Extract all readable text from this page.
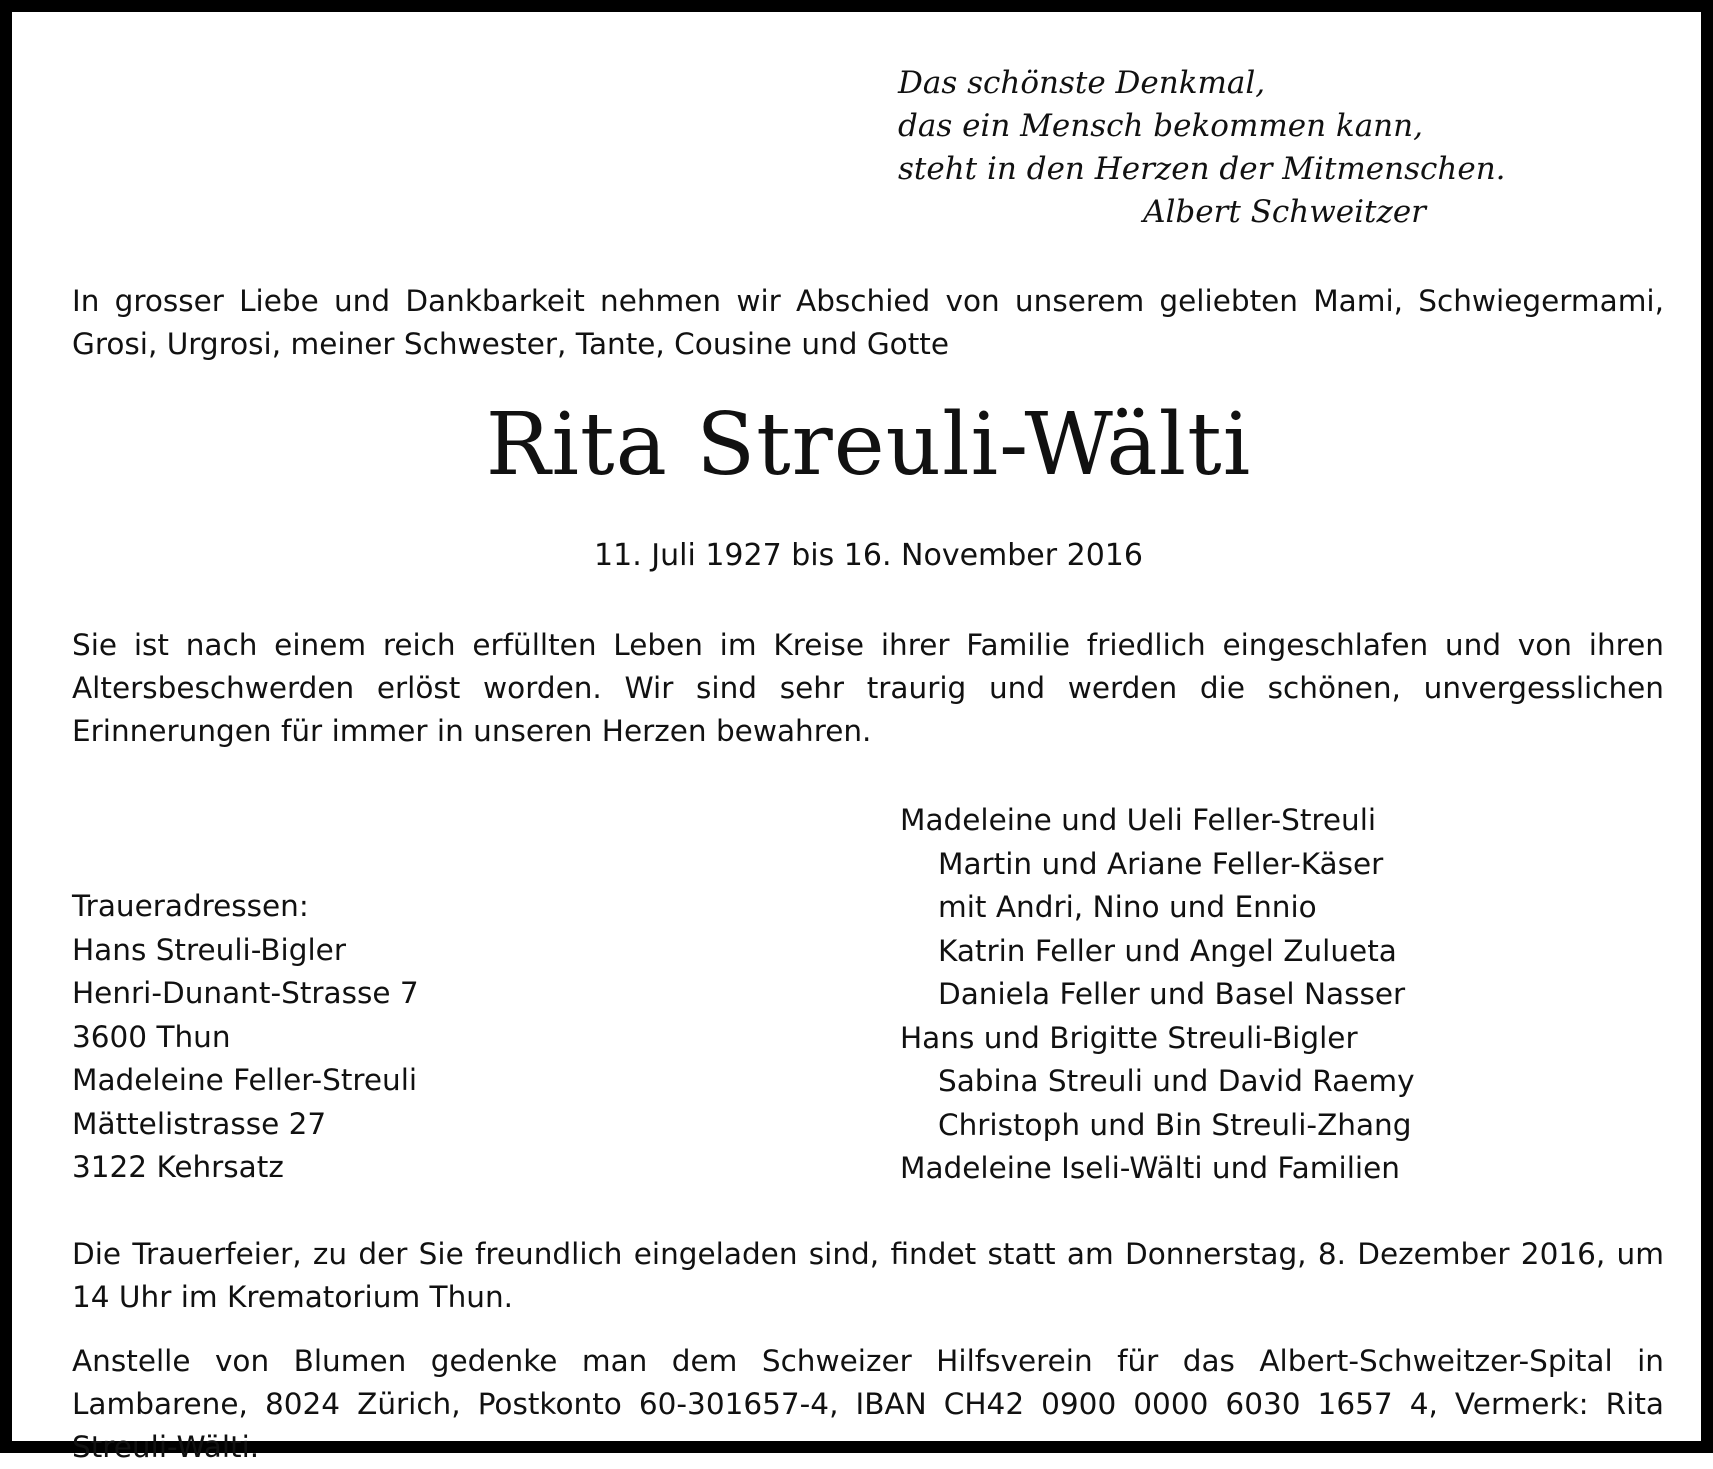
Das schönste Denkmal,
das ein Mensch bekommen kann,
steht in den Herzen der Mitmenschen.
Albert Schweitzer
In grosser Liebe und Dankbarkeit nehmen wir Abschied von unserem geliebten Mami, Schwiegermami, Grosi, Urgrosi, meiner Schwester, Tante, Cousine und Gotte
Rita Streuli-Wälti
11. Juli 1927 bis 16. November 2016
Sie ist nach einem reich erfüllten Leben im Kreise ihrer Familie friedlich eingeschlafen und von ihren Altersbeschwerden erlöst worden. Wir sind sehr traurig und werden die schönen, unvergesslichen Erinnerungen für immer in unseren Herzen bewahren.
Traueradressen:
Hans Streuli-Bigler
Henri-Dunant-Strasse 7
3600 Thun
Madeleine Feller-Streuli
Mättelistrasse 27
3122 Kehrsatz
Madeleine und Ueli Feller-Streuli
Martin und Ariane Feller-Käser
mit Andri, Nino und Ennio
Katrin Feller und Angel Zulueta
Daniela Feller und Basel Nasser
Hans und Brigitte Streuli-Bigler
Sabina Streuli und David Raemy
Christoph und Bin Streuli-Zhang
Madeleine Iseli-Wälti und Familien
Die Trauerfeier, zu der Sie freundlich eingeladen sind, findet statt am Donnerstag, 8. Dezember 2016, um 14 Uhr im Krematorium Thun.
Anstelle von Blumen gedenke man dem Schweizer Hilfsverein für das Albert-Schweitzer-Spital in Lambarene, 8024 Zürich, Postkonto 60-301657-4, IBAN CH42 0900 0000 6030 1657 4, Vermerk: Rita Streuli-Wälti.
